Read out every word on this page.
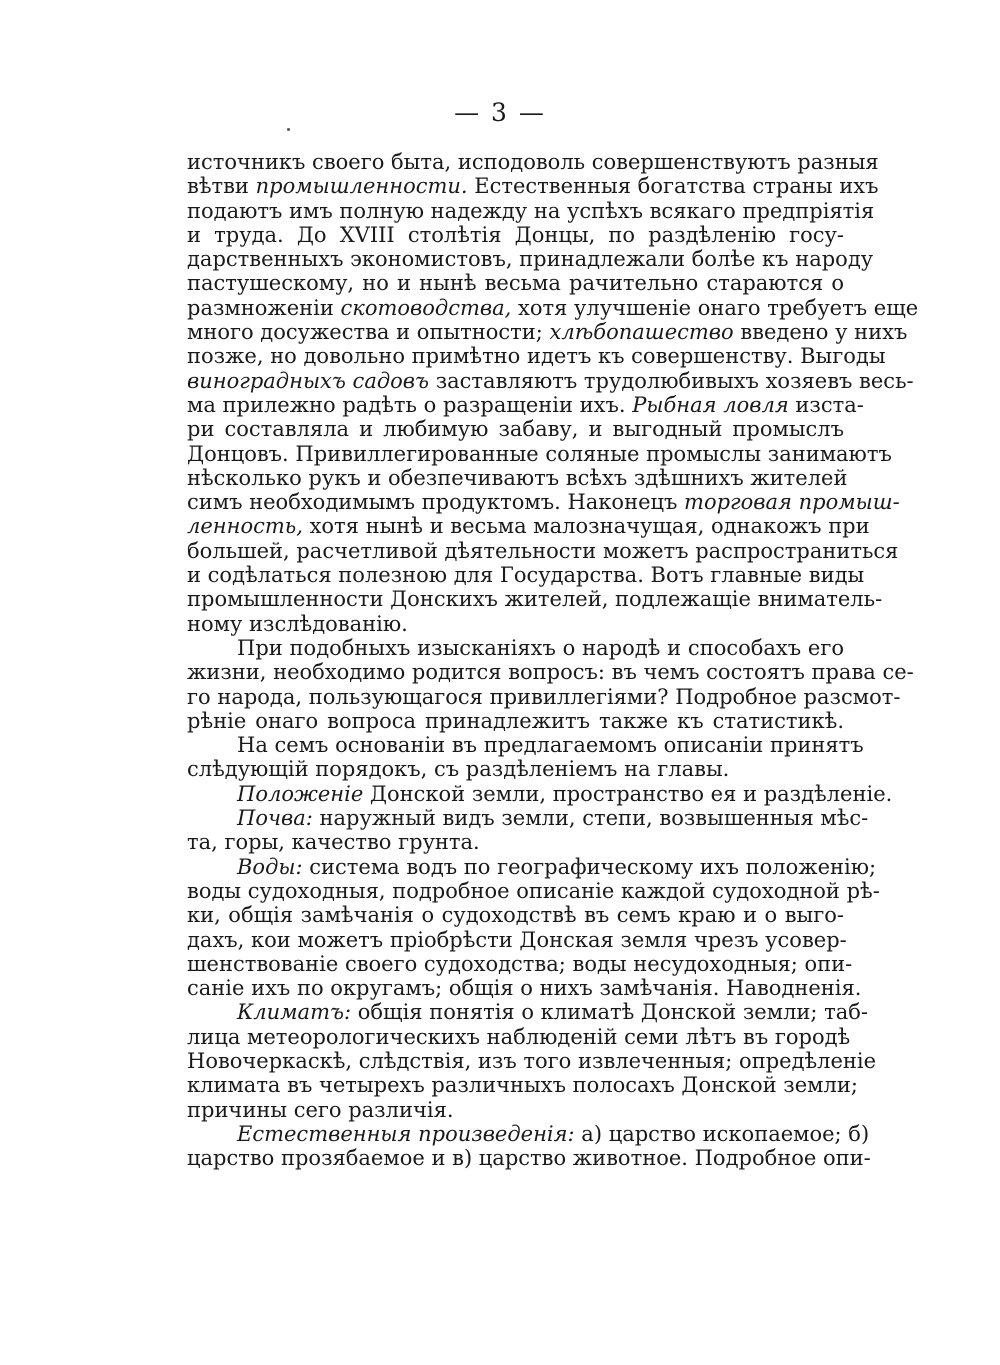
— 3 —
источникъ своего быта, исподоволь совершенствуютъ разныя
вѣтви промышленности. Естественныя богатства страны ихъ
подаютъ имъ полную надежду на успѣхъ всякаго предпріятія
и труда. До XVIII столѣтія Донцы, по раздѣленію госу-
дарственныхъ экономистовъ, принадлежали болѣе къ народу
пастушескому, но и нынѣ весьма рачительно стараются о
размноженіи скотоводства, хотя улучшеніе онаго требуетъ еще
много досужества и опытности; хлѣбопашество введено у нихъ
позже, но довольно примѣтно идетъ къ совершенству. Выгоды
виноградныхъ садовъ заставляютъ трудолюбивыхъ хозяевъ весь-
ма прилежно радѣть о разращеніи ихъ. Рыбная ловля изста-
ри составляла и любимую забаву, и выгодный промыслъ
Донцовъ. Привиллегированные соляные промыслы занимаютъ
нѣсколько рукъ и обезпечиваютъ всѣхъ здѣшнихъ жителей
симъ необходимымъ продуктомъ. Наконецъ торговая промыш-
ленность, хотя нынѣ и весьма малозначущая, однакожъ при
большей, расчетливой дѣятельности можетъ распространиться
и содѣлаться полезною для Государства. Вотъ главные виды
промышленности Донскихъ жителей, подлежащіе вниматель-
ному изслѣдованію.
При подобныхъ изысканіяхъ о народѣ и способахъ его
жизни, необходимо родится вопросъ: въ чемъ состоятъ права се-
го народа, пользующагося привиллегіями? Подробное разсмот-
рѣніе онаго вопроса принадлежитъ также къ статистикѣ.
На семъ основаніи въ предлагаемомъ описаніи принятъ
слѣдующій порядокъ, съ раздѣленіемъ на главы.
Положеніе Донской земли, пространство ея и раздѣленіе.
Почва: наружный видъ земли, степи, возвышенныя мѣс-
та, горы, качество грунта.
Воды: система водъ по географическому ихъ положенію;
воды судоходныя, подробное описаніе каждой судоходной рѣ-
ки, общія замѣчанія о судоходствѣ въ семъ краю и о выго-
дахъ, кои можетъ пріобрѣсти Донская земля чрезъ усовер-
шенствованіе своего судоходства; воды несудоходныя; опи-
саніе ихъ по округамъ; общія о нихъ замѣчанія. Наводненія.
Климатъ: общія понятія о климатѣ Донской земли; таб-
лица метеорологическихъ наблюденій семи лѣтъ въ городѣ
Новочеркаскѣ, слѣдствія, изъ того извлеченныя; опредѣленіе
климата въ четырехъ различныхъ полосахъ Донской земли;
причины сего различія.
Естественныя произведенія: а) царство ископаемое; б)
царство прозябаемое и в) царство животное. Подробное опи-
